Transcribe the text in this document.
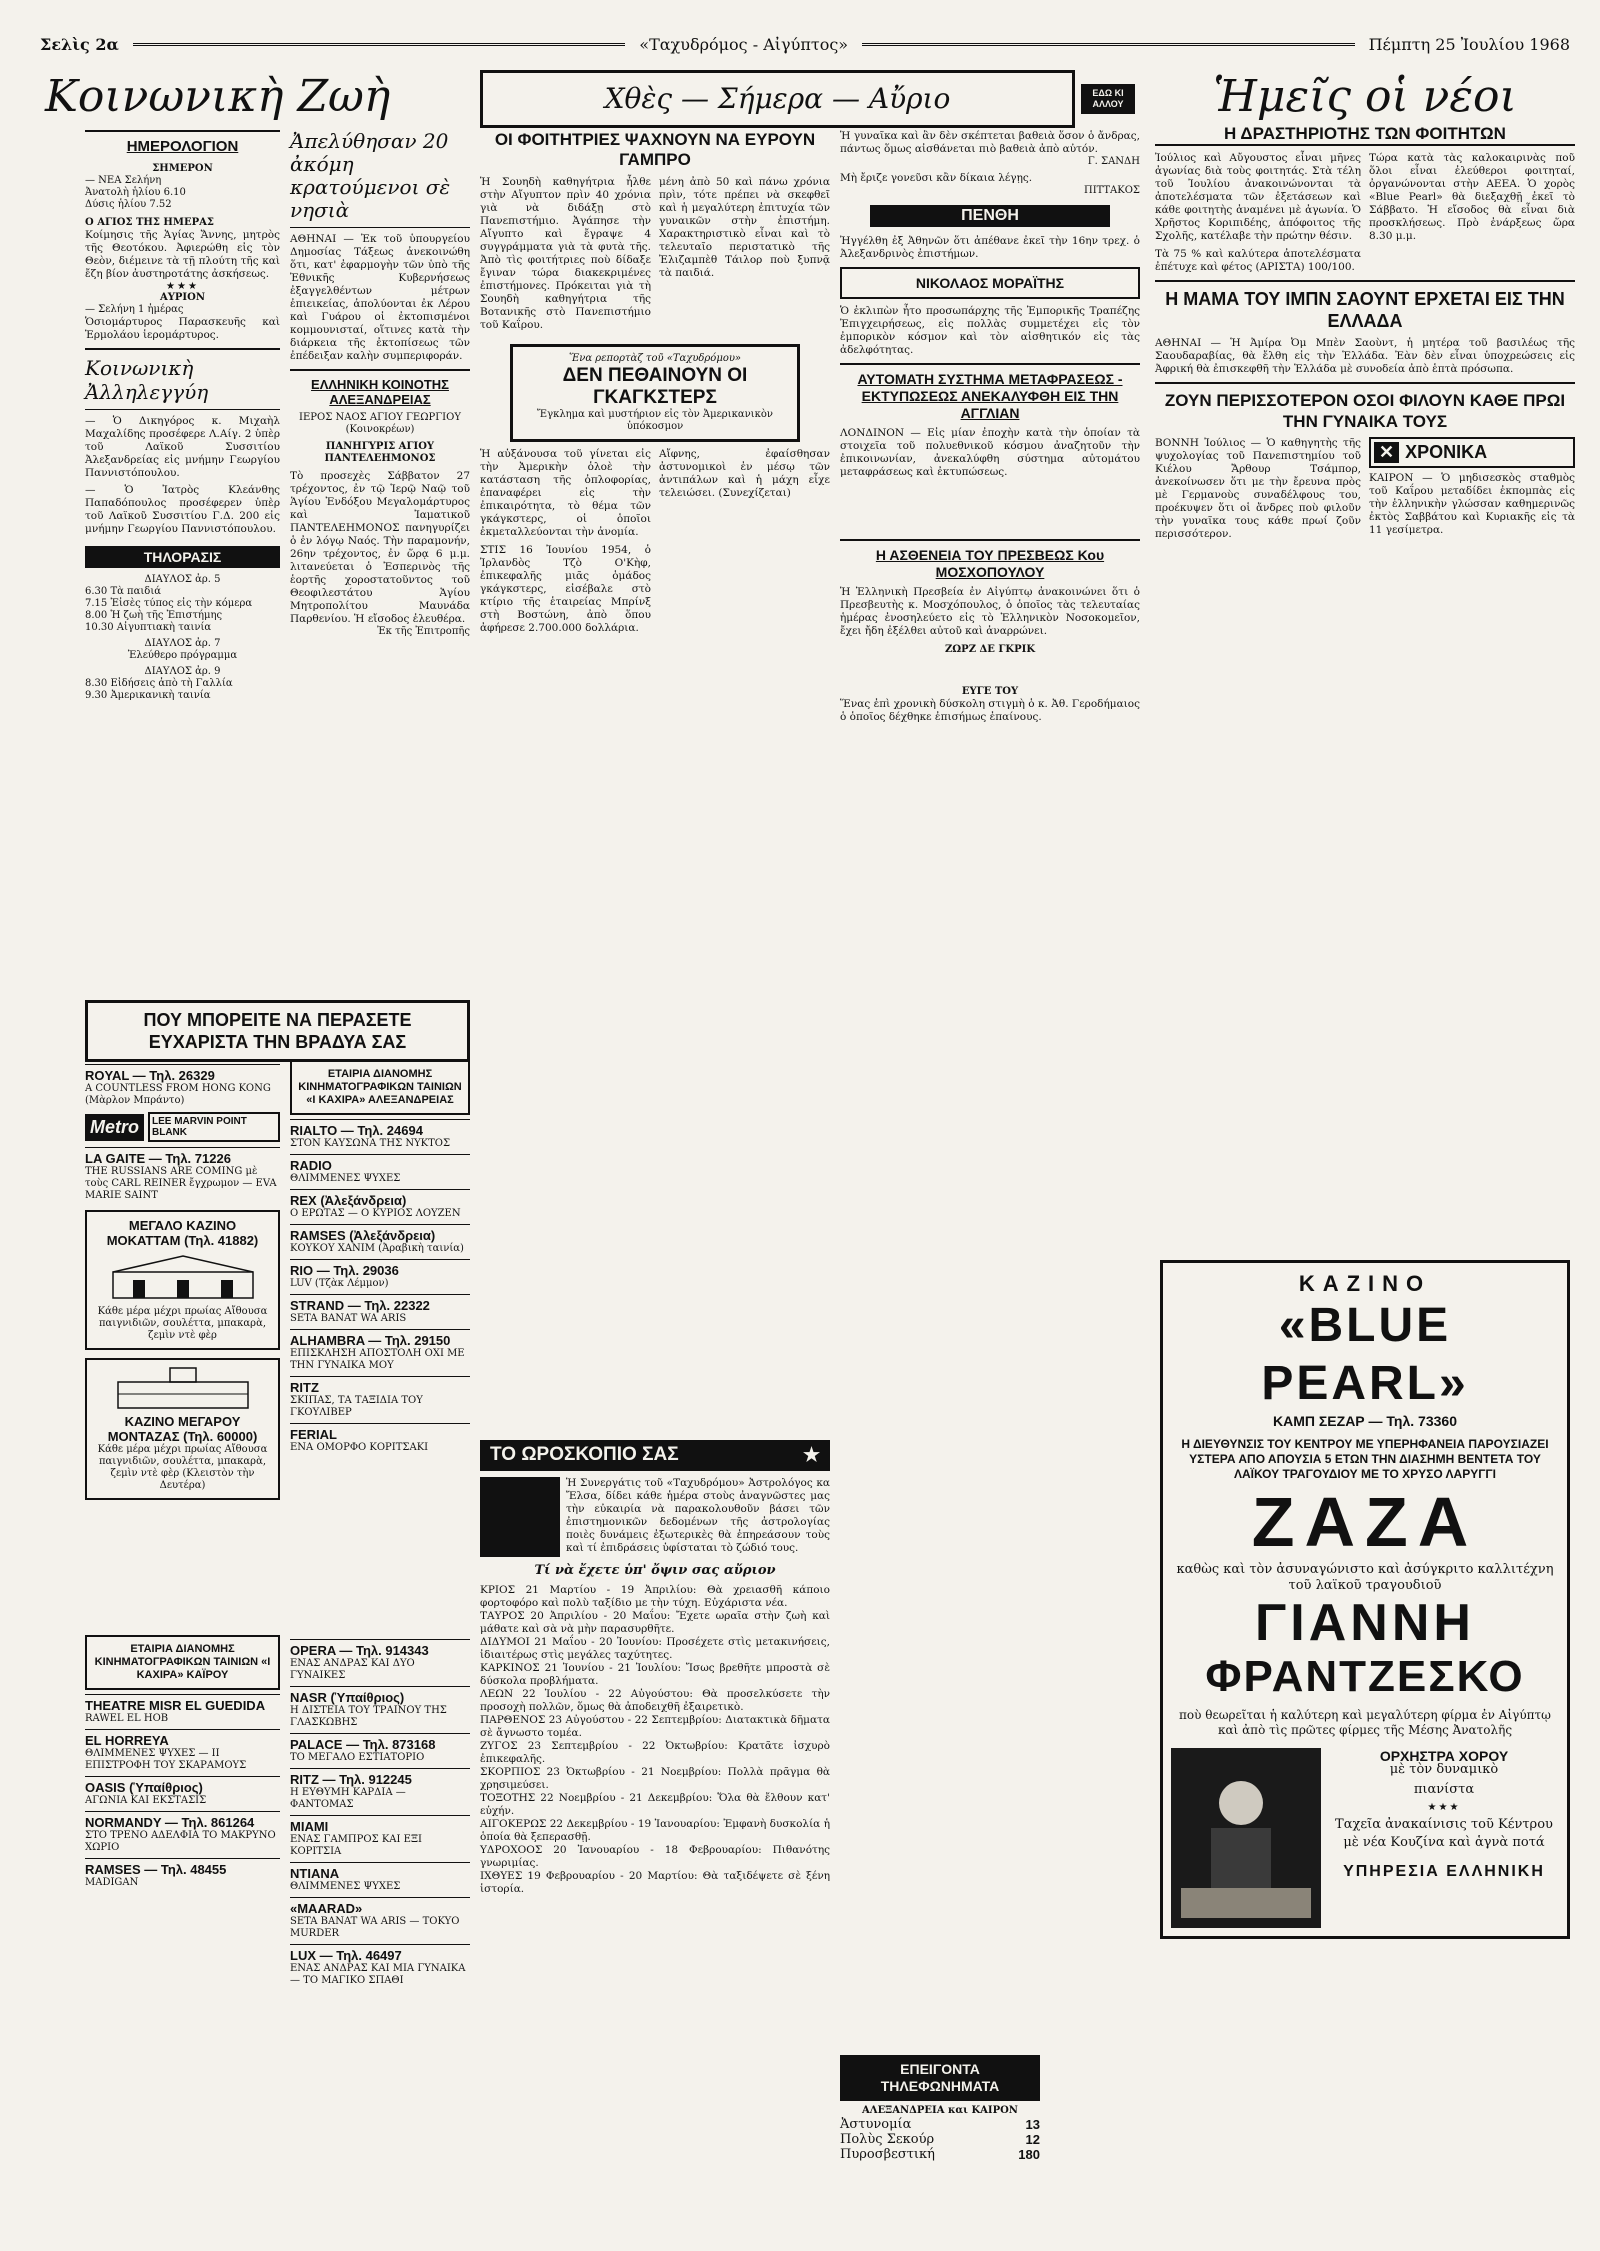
Σελὶς 2α	«Ταχυδρόμος - Αἰγύπτος»	Πέμπτη 25 Ἰουλίου 1968
Κοινωνικὴ Ζωὴ
ΗΜΕΡΟΛΟΓΙΟΝ
ΣΗΜΕΡΟΝ

— ΝΕΑ Σελήνη

Ἀνατολὴ ἡλίου 6.10

Δύσις ἡλίου 7.52

Ο ΑΓΙΟΣ ΤΗΣ ΗΜΕΡΑΣ

Κοίμησις τῆς Ἁγίας Ἄννης, μητρὸς τῆς Θεοτόκου. Ἀφιερώθη εἰς τὸν Θεὸν, διέμεινε τὰ τῇ πλούτη τῆς καὶ ἔζη βίον ἀυστηροτάτης ἀσκήσεως.

★★★

ΑΥΡΙΟΝ

— Σελήνη 1 ἡμέρας

Ὁσιομάρτυρος Παρασκευῆς καὶ Ἑρμολάου ἱερομάρτυρος.

Κοινωνικὴ Ἀλληλεγγύη

— Ὁ Δικηγόρος κ. Μιχαὴλ Μαχαλίδης προσέφερε Λ.Αίγ. 2 ὑπὲρ τοῦ Λαϊκοῦ Συσσιτίου Ἀλεξανδρείας εἰς μνήμην Γεωργίου Παννιστόπουλου.

— Ὁ Ἰατρὸς Κλεάνθης Παπαδόπουλος προσέφερεν ὑπὲρ τοῦ Λαϊκοῦ Συσσιτίου Γ.Δ. 200 εἰς μνήμην Γεωργίου Παννιστόπουλου.

ΤΗΛΟΡΑΣΙΣ

ΔΙΑΥΛΟΣ ἀρ. 5

6.30 Τὰ παιδιά

7.15 Ἐἰσὲς τύπος εἰς τὴν κόμερα

8.00 Ἡ ζωὴ τῆς Ἐπιστήμης

10.30 Αἰγυπτιακὴ ταινία

ΔΙΑΥΛΟΣ ἀρ. 7

Ἐλεύθερο πρόγραμμα

ΔΙΑΥΛΟΣ ἀρ. 9

8.30 Εἰδήσεις ἀπὸ τὴ Γαλλία

9.30 Ἀμερικανικὴ ταινία

Ἀπελύθησαν 20 ἀκόμη κρατούμενοι σὲ νησιὰ

ΑΘΗΝΑΙ — Ἐκ τοῦ ὑπουργείου Δημοσίας Τάξεως ἀνεκοινώθη ὅτι, κατ' ἐφαρμογὴν τῶν ὑπὸ τῆς Ἐθνικῆς Κυβερνήσεως ἐξαγγελθέντων μέτρων ἐπιεικείας, ἀπολύονται ἐκ Λέρου καὶ Γυάρου οἱ ἐκτοπισμένοι κομμουνισταί, οἵτινες κατὰ τὴν διάρκεια τῆς ἐκτοπίσεως τῶν ἐπέδειξαν καλὴν συμπεριφοράν.

ΕΛΛΗΝΙΚΗ ΚΟΙΝΟΤΗΣ ΑΛΕΞΑΝΔΡΕΙΑΣ

ΙΕΡΟΣ ΝΑΟΣ ΑΓΙΟΥ ΓΕΩΡΓΙΟΥ (Κοινοκρέων)

ΠΑΝΗΓΥΡΙΣ ΑΓΙΟΥ ΠΑΝΤΕΛΕΗΜΟΝΟΣ

Τὸ προσεχὲς Σάββατον 27 τρέχοντος, ἐν τῷ Ἱερῷ Ναῷ τοῦ Ἁγίου Ἐνδόξου Μεγαλομάρτυρος καὶ Ἰαματικοῦ ΠΑΝΤΕΛΕΗΜΟΝΟΣ πανηγυρίζει ὁ ἐν λόγῳ Ναός. Τὴν παραμονήν, 26ην τρέχοντος, ἐν ὥρᾳ 6 μ.μ. λιτανεύεται ὁ Ἐσπερινὸς τῆς ἑορτῆς χοροστατοῦντος τοῦ Θεοφιλεστάτου Ἁγίου Μητροπολίτου Μαυνάδα Παρθενίου. Ἡ εἴσοδος ἐλευθέρα.

Ἐκ τῆς Ἐπιτροπῆς

ΠΟΥ ΜΠΟΡΕΙΤΕ ΝΑ ΠΕΡΑΣΕΤΕ ΕΥΧΑΡΙΣΤΑ ΤΗΝ ΒΡΑΔΥΑ ΣΑΣ
ROYAL — Τηλ. 26329

A COUNTLESS FROM HONG KONG (Μὰρλον Μπράντο)

Metro	LEE MARVIN POINT BLANK
LA GAITE — Τηλ. 71226

THE RUSSIANS ARE COMING μὲ τοὺς CARL REINER ἔγχρωμον — EVA MARIE SAINT

ΜΕΓΑΛΟ ΚΑΖΙΝΟ ΜΟΚΑΤΤΑΜ (Τηλ. 41882)

Κάθε μέρα μέχρι πρωίας Αἴθουσα παιγνιδιῶν, σουλέττα, μπακαρὰ, ζεμὶν ντὲ φὲρ

ΚΑΖΙΝΟ ΜΕΓΑΡΟΥ ΜΟΝΤΑΖΑΣ (Τηλ. 60000)

Κάθε μέρα μέχρι πρωίας Αἴθουσα παιγνιδιῶν, σουλέττα, μπακαρὰ, ζεμὶν ντὲ φὲρ (Κλειστὸν τὴν Δευτέρα)

ΕΤΑΙΡΙΑ ΔΙΑΝΟΜΗΣ ΚΙΝΗΜΑΤΟΓΡΑΦΙΚΩΝ ΤΑΙΝΙΩΝ «Ι ΚΑΧΙΡΑ» ΑΛΕΞΑΝΔΡΕΙΑΣ
RIALTO — Τηλ. 24694

ΣΤΟΝ ΚΑΥΣΩΝΑ ΤΗΣ ΝΥΚΤΟΣ

RADIO

ΘΛΙΜΜΕΝΕΣ ΨΥΧΕΣ

REX (Ἀλεξάνδρεια)

Ο ΕΡΩΤΑΣ — Ο ΚΥΡΙΟΣ ΛΟΥΖΕΝ

RAMSES (Ἀλεξάνδρεια)

ΚΟΥΚΟΥ ΧΑΝΙΜ (Ἀραβικὴ ταινία)

RIO — Τηλ. 29036

LUV (Τζὰκ Λέμμον)

STRAND — Τηλ. 22322

SETA BANAT WA ARIS

ALHAMBRA — Τηλ. 29150

ΕΠΙΣΚΛΗΣΗ ΑΠΟΣΤΟΛΗ ΟΧΙ ΜΕ ΤΗΝ ΓΥΝΑΙΚΑ ΜΟΥ

RITZ

ΣΚΙΠΑΣ, ΤΑ ΤΑΞΙΔΙΑ ΤΟΥ ΓΚΟΥΛΙΒΕΡ

FERIAL

ΕΝΑ ΟΜΟΡΦΟ ΚΟΡΙΤΣΑΚΙ

ΕΤΑΙΡΙΑ ΔΙΑΝΟΜΗΣ ΚΙΝΗΜΑΤΟΓΡΑΦΙΚΩΝ ΤΑΙΝΙΩΝ «Ι ΚΑΧΙΡΑ» ΚΑΪΡΟΥ
THEATRE MISR EL GUEDIDA

RAWEL EL HOB

EL HORREYA

ΘΛΙΜΜΕΝΕΣ ΨΥΧΕΣ — ΙΙ ΕΠΙΣΤΡΟΦΗ ΤΟΥ ΣΚΑΡΑΜΟΥΣ

OASIS (Ὑπαίθριος)

ΑΓΩΝΙΑ ΚΑΙ ΕΚΣΤΑΣΙΣ

NORMANDY — Τηλ. 861264

ΣΤΟ ΤΡΕΝΟ ΑΔΕΛΦΙΑ ΤΟ ΜΑΚΡΥΝΟ ΧΩΡΙΟ

RAMSES — Τηλ. 48455

MADIGAN

OPERA — Τηλ. 914343

ΕΝΑΣ ΑΝΔΡΑΣ ΚΑΙ ΔΥΟ ΓΥΝΑΙΚΕΣ

NASR (Ὑπαίθριος)

Η ΔΙΣΤΕΙΑ ΤΟΥ ΤΡΑΙΝΟΥ ΤΗΣ ΓΛΑΣΚΩΒΗΣ

PALACE — Τηλ. 873168

ΤΟ ΜΕΓΑΛΟ ΕΣΤΙΑΤΟΡΙΟ

RITZ — Τηλ. 912245

Η ΕΥΘΥΜΗ ΚΑΡΔΙΑ — ΦΑΝΤΟΜΑΣ

MIAMI

ΕΝΑΣ ΓΑΜΠΡΟΣ ΚΑΙ ΕΞΙ ΚΟΡΙΤΣΙΑ

ΝΤΙΑΝΑ

ΘΛΙΜΜΕΝΕΣ ΨΥΧΕΣ

«MAARAD»

SETA BANAT WA ARIS — TOKYO MURDER

LUX — Τηλ. 46497

ΕΝΑΣ ΑΝΔΡΑΣ ΚΑΙ ΜΙΑ ΓΥΝΑΙΚΑ — ΤΟ ΜΑΓΙΚΟ ΣΠΑΘΙ

Χθὲς — Σήμερα — Αὔριο	ΕΔΩ ΚΙ ΑΛΛΟΥ
ΟΙ ΦΟΙΤΗΤΡΙΕΣ ΨΑΧΝΟΥΝ ΝΑ ΕΥΡΟΥΝ ΓΑΜΠΡΟ

Ἡ Σουηδὴ καθηγήτρια ἦλθε στὴν Αἴγυπτον πρὶν 40 χρόνια γιὰ νὰ διδάξῃ στὸ Πανεπιστήμιο. Ἀγάπησε τὴν Αἴγυπτο καὶ ἔγραψε 4 συγγράμματα γιὰ τὰ φυτὰ τῆς. Ἀπὸ τὶς φοιτήτριες ποὺ δίδαξε ἔγιναν τώρα διακεκριμένες ἐπιστήμονες. Πρόκειται γιὰ τὴ Σουηδὴ καθηγήτρια τῆς Βοτανικῆς στὸ Πανεπιστήμιο τοῦ Καΐρου.

μένη ἀπὸ 50 καὶ πάνω χρόνια πρὶν, τότε πρέπει νὰ σκεφθεῖ καὶ ἡ μεγαλύτερη ἐπιτυχία τῶν γυναικῶν στὴν ἐπιστήμη. Χαρακτηριστικὸ εἶναι καὶ τὸ τελευταῖο περιστατικὸ τῆς Ἐλιζαμπὲθ Τάιλορ ποὺ ξυπνᾷ τὰ παιδιά.

Ἕνα ρεπορτὰζ τοῦ «Ταχυδρόμου»

ΔΕΝ ΠΕΘΑΙΝΟΥΝ ΟΙ ΓΚΑΓΚΣΤΕΡΣ

Ἔγκλημα καὶ μυστήριον εἰς τὸν Ἀμερικανικὸν ὑπόκοσμον

Ἡ αὐξάνουσα τοῦ γίνεται εἰς τὴν Ἀμερικὴν ὁλοὲ τὴν κατάσταση τῆς ὀπλοφορίας, ἐπαναφέρει εἰς τὴν ἐπικαιρότητα, τὸ θέμα τῶν γκάγκστερς, οἱ ὁποῖοι ἐκμεταλλεύονται τὴν ἀνομία.

ΣΤΙΣ 16 Ἰουνίου 1954, ὁ Ἰρλανδὸς Τζὸ Ο'Κὴφ, ἐπικεφαλῆς μιᾶς ὁμάδος γκάγκστερς, εἰσέβαλε στὸ κτίριο τῆς ἑταιρείας Μπρίνξ στὴ Βοστώνη, ἀπὸ ὅπου ἀφήρεσε 2.700.000 δολλάρια.

Αἴφνης, ἐφαίσθησαν ἀστυνομικοὶ ἐν μέσῳ τῶν ἀντιπάλων καὶ ἡ μάχη εἶχε τελειώσει. (Συνεχίζεται)

ΤΟ ΩΡΟΣΚΟΠΙΟ ΣΑΣ	★

Ἡ Συνεργάτις τοῦ «Ταχυδρόμου» Ἀστρολόγος κα Ἔλσα, δίδει κάθε ἡμέρα στοὺς ἀναγνῶστες μας τὴν εὐκαιρία νὰ παρακολουθοῦν βάσει τῶν ἐπιστημονικῶν δεδομένων τῆς ἀστρολογίας ποιὲς δυνάμεις ἐξωτερικὲς θὰ ἐπηρεάσουν τοὺς καὶ τί ἐπιδράσεις ὑφίσταται τὸ ζώδιό τους.

Τί νὰ ἔχετε ὑπ' ὄψιν σας αὔριον

ΚΡΙΟΣ 21 Μαρτίου - 19 Ἀπριλίου: Θὰ χρειασθῆ κάποιο φορτοφόρο καὶ πολὺ ταξίδιο με τὴν τύχη. Εὐχάριστα νέα.

ΤΑΥΡΟΣ 20 Ἀπριλίου - 20 Μαΐου: Ἔχετε ωραῖα στὴν ζωὴ καὶ μάθατε καὶ σὰ νὰ μὴν παρασυρθῆτε.

ΔΙΔΥΜΟΙ 21 Μαΐου - 20 Ἰουνίου: Προσέχετε στὶς μετακινήσεις, ἰδιαιτέρως στὶς μεγάλες ταχύτητες.

ΚΑΡΚΙΝΟΣ 21 Ἰουνίου - 21 Ἰουλίου: Ἴσως βρεθῆτε μπροστὰ σὲ δύσκολα προβλήματα.

ΛΕΩΝ 22 Ἰουλίου - 22 Αὐγούστου: Θὰ προσελκύσετε τὴν προσοχὴ πολλῶν, ὅμως θὰ ἀποδειχθῆ ἐξαιρετικὸ.

ΠΑΡΘΕΝΟΣ 23 Αὐγούστου - 22 Σεπτεμβρίου: Διατακτικὰ δῆματα σὲ ἄγνωστο τομέα.

ΖΥΓΟΣ 23 Σεπτεμβρίου - 22 Ὀκτωβρίου: Κρατᾶτε ἰσχυρὸ ἐπικεφαλῆς.

ΣΚΟΡΠΙΟΣ 23 Ὀκτωβρίου - 21 Νοεμβρίου: Πολλὰ πρᾶγμα θὰ χρησιμεύσει.

ΤΟΞΟΤΗΣ 22 Νοεμβρίου - 21 Δεκεμβρίου: Ὅλα θὰ ἔλθουν κατ' εὐχήν.

ΑΙΓΟΚΕΡΩΣ 22 Δεκεμβρίου - 19 Ἰανουαρίου: Ἐμφανὴ δυσκολία ἡ ὁποία θὰ ξεπερασθῇ.

ΥΔΡΟΧΟΟΣ 20 Ἰανουαρίου - 18 Φεβρουαρίου: Πιθανότης γνωριμίας.

ΙΧΘΥΕΣ 19 Φεβρουαρίου - 20 Μαρτίου: Θὰ ταξιδέψετε σὲ ξένη ἱστορία.

Ἡ γυναῖκα καὶ ἂν δὲν σκέπτεται βαθειὰ ὅσον ὁ ἄνδρας, πάντως ὅμως αἰσθάνεται πιὸ βαθειὰ ἀπὸ αὐτόν.

Γ. ΣΑΝΔΗ

Μὴ ἔριζε γονεῦσι κἂν δίκαια λέγῃς.

ΠΙΤΤΑΚΟΣ

ΠΕΝΘΗ

Ἠγγέλθη ἐξ Ἀθηνῶν ὅτι ἀπέθανε ἐκεῖ τὴν 16ην τρεχ. ὁ Ἀλεξανδρινὸς ἐπιστήμων.

ΝΙΚΟΛΑΟΣ ΜΟΡΑΪΤΗΣ

Ὁ ἐκλιπὼν ἦτο προσωπάρχης τῆς Ἐμπορικῆς Τραπέζης Ἐπιγχειρήσεως, εἰς πολλὰς συμμετέχει εἰς τὸν ἐμπορικὸν κόσμον καὶ τὸν αἰσθητικόν εἰς τὰς ἀδελφότητας.

ΑΥΤΟΜΑΤΗ ΣΥΣΤΗΜΑ ΜΕΤΑΦΡΑΣΕΩΣ - ΕΚΤΥΠΩΣΕΩΣ ΑΝΕΚΑΛΥΦΘΗ ΕΙΣ ΤΗΝ ΑΓΓΛΙΑΝ

ΛΟΝΔΙΝΟΝ — Εἰς μίαν ἐποχὴν κατὰ τὴν ὁποίαν τὰ στοιχεῖα τοῦ πολυεθνικοῦ κόσμου ἀναζητοῦν τὴν ἐπικοινωνίαν, ἀνεκαλύφθη σύστημα αὐτομάτου μεταφράσεως καὶ ἐκτυπώσεως.

Η ΑΣΘΕΝΕΙΑ ΤΟΥ ΠΡΕΣΒΕΩΣ Κου ΜΟΣΧΟΠΟΥΛΟΥ

Ἡ Ἑλληνικὴ Πρεσβεία ἐν Αἰγύπτῳ ἀνακοινώνει ὅτι ὁ Πρεσβευτὴς κ. Μοσχόπουλος, ὁ ὁποῖος τὰς τελευταίας ἡμέρας ἐνοσηλεύετο εἰς τὸ Ἑλληνικὸν Νοσοκομεῖον, ἔχει ἤδη ἐξέλθει αὐτοῦ καὶ ἀναρρώνει.

ΖΩΡΖ ΔΕ ΓΚΡΙΚ

ΕΥΓΕ ΤΟΥ

Ἕνας ἐπὶ χρονικὴ δύσκολη στιγμὴ ὁ κ. Ἀθ. Γεροδήμαιος ὁ ὁποῖος δέχθηκε ἐπισήμως ἐπαίνους.

ΕΠΕΙΓΟΝΤΑ ΤΗΛΕΦΩΝΗΜΑΤΑ

ΑΛΕΞΑΝΔΡΕΙΑ και ΚΑΙΡΟΝ

Ἀστυνομία	13
Πολὺς Σεκούρ	12
Πυροσβεστική	180
Ἡμεῖς οἱ νέοι
Η ΔΡΑΣΤΗΡΙΟΤΗΣ ΤΩΝ ΦΟΙΤΗΤΩΝ

Ἰούλιος καὶ Αὔγουστος εἶναι μῆνες ἀγωνίας διὰ τοὺς φοιτητάς. Στὰ τέλη τοῦ Ἰουλίου ἀνακοινώνονται τὰ ἀποτελέσματα τῶν ἐξετάσεων καὶ κάθε φοιτητὴς ἀναμένει μὲ ἀγωνία. Ὁ Χρῆστος Κοριπιδέης, ἀπόφοιτος τῆς Σχολῆς, κατέλαβε τὴν πρώτην θέσιν.

Τὰ 75 % καὶ καλύτερα ἀποτελέσματα ἐπέτυχε καὶ φέτος (ΑΡΙΣΤΑ) 100/100.

Τώρα κατὰ τὰς καλοκαιρινὰς ποῦ ὅλοι εἶναι ἐλεύθεροι φοιτηταί, ὀργανώνονται στὴν ΑΕΕΑ. Ὁ χορὸς «Blue Pearl» θὰ διεξαχθῇ ἐκεῖ τὸ Σάββατο. Ἡ εἴσοδος θὰ εἶναι διὰ προσκλήσεως. Πρὸ ἐνάρξεως ὥρα 8.30 μ.μ.

Η ΜΑΜΑ ΤΟΥ ΙΜΠΝ ΣΑΟΥΝΤ ΕΡΧΕΤΑΙ ΕΙΣ ΤΗΝ ΕΛΛΑΔΑ

ΑΘΗΝΑΙ — Ἡ Ἀμίρα Ὀμ Μπὲν Σαοὺντ, ἡ μητέρα τοῦ βασιλέως τῆς Σαουδαραβίας, θὰ ἔλθη εἰς τὴν Ἑλλάδα. Ἐὰν δὲν εἶναι ὑποχρεώσεις εἰς Ἀφρική θὰ ἐπισκεφθῆ τὴν Ἑλλάδα μὲ συνοδεία ἀπὸ ἑπτὰ πρόσωπα.

ΖΟΥΝ ΠΕΡΙΣΣΟΤΕΡΟΝ ΟΣΟΙ ΦΙΛΟΥΝ ΚΑΘΕ ΠΡΩΙ ΤΗΝ ΓΥΝΑΙΚΑ ΤΟΥΣ

ΒΟΝΝΗ Ἰούλιος — Ὁ καθηγητὴς τῆς ψυχολογίας τοῦ Πανεπιστημίου τοῦ Κιέλου Ἄρθουρ Τσάμπορ, ἀνεκοίνωσεν ὅτι με τὴν ἔρευνα πρὸς μὲ Γερμανοὺς συναδέλφους του, προέκυψεν ὅτι οἱ ἄνδρες ποὺ φιλοῦν τὴν γυναῖκα τους κάθε πρωί ζοῦν περισσότερον.

✕ ΧΡΟΝΙΚΑ

ΚΑΙΡΟΝ — Ὁ μηδισεσκὸς σταθμὸς τοῦ Καΐρου μεταδίδει ἐκπομπὰς εἰς τὴν ἑλληνικὴν γλώσσαν καθημερινῶς ἐκτὸς Σαββάτου καὶ Κυριακῆς εἰς τὰ 11 γεσίμετρα.

ΚΑΖΙΝΟ
«BLUE PEARL»

ΚΑΜΠ ΣΕΖΑΡ — Τηλ. 73360

Η ΔΙΕΥΘΥΝΣΙΣ ΤΟΥ ΚΕΝΤΡΟΥ ΜΕ ΥΠΕΡΗΦΑΝΕΙΑ ΠΑΡΟΥΣΙΑΖΕΙ ΥΣΤΕΡΑ ΑΠΟ ΑΠΟΥΣΙΑ 5 ΕΤΩΝ ΤΗΝ ΔΙΑΣΗΜΗ ΒΕΝΤΕΤΑ ΤΟΥ ΛΑΪΚΟΥ ΤΡΑΓΟΥΔΙΟΥ ΜΕ ΤΟ ΧΡΥΣΟ ΛΑΡΥΓΓΙ

ΖΑΖΑ

καθὼς καὶ τὸν ἀσυναγώνιστο καὶ ἀσύγκριτο καλλιτέχνη τοῦ λαϊκοῦ τραγουδιοῦ

ΓΙΑΝΝΗ
ΦΡΑΝΤΖΕΣΚΟ

ποὺ θεωρεῖται ἡ καλύτερη καὶ μεγαλύτερη φίρμα ἐν Αἰγύπτῳ καὶ ἀπὸ τὶς πρῶτες φίρμες τῆς Μέσης Ἀνατολῆς

ΟΡΧΗΣΤΡΑ ΧΟΡΟΥ

μὲ τὸν δυναμικὸ

πιανίστα

★★★

Ταχεῖα ἀνακαίνισις τοῦ Κέντρου

μὲ νέα Κουζίνα καὶ ἁγνὰ ποτά

ΥΠΗΡΕΣΙΑ ΕΛΛΗΝΙΚΗ
